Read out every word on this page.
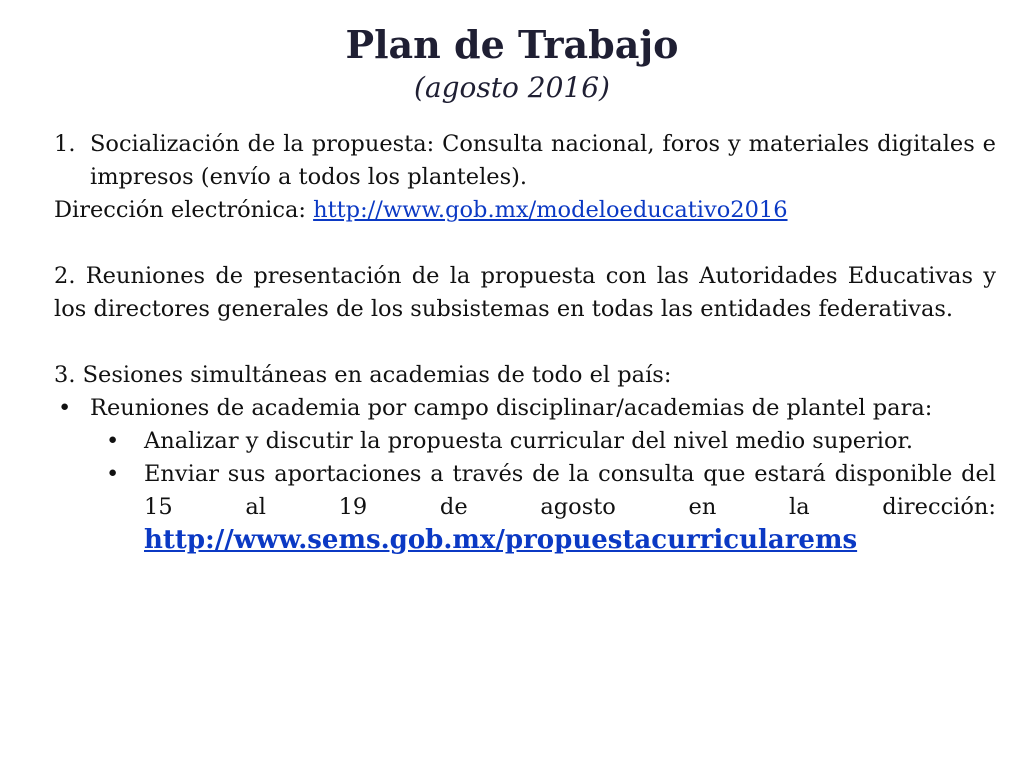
Plan de Trabajo
(agosto 2016)
1. Socialización de la propuesta: Consulta nacional, foros y materiales digitales e impresos (envío a todos los planteles).

Dirección electrónica: http://www.gob.mx/modeloeducativo2016

2. Reuniones de presentación de la propuesta con las Autoridades Educativas y los directores generales de los subsistemas en todas las entidades federativas.

3. Sesiones simultáneas en academias de todo el país:

• Reuniones de academia por campo disciplinar/academias de plantel para:
• Analizar y discutir la propuesta curricular del nivel medio superior.
• Enviar sus aportaciones a través de la consulta que estará disponible del 15 al 19 de agosto en la dirección: http://www.sems.gob.mx/propuestacurricularems
